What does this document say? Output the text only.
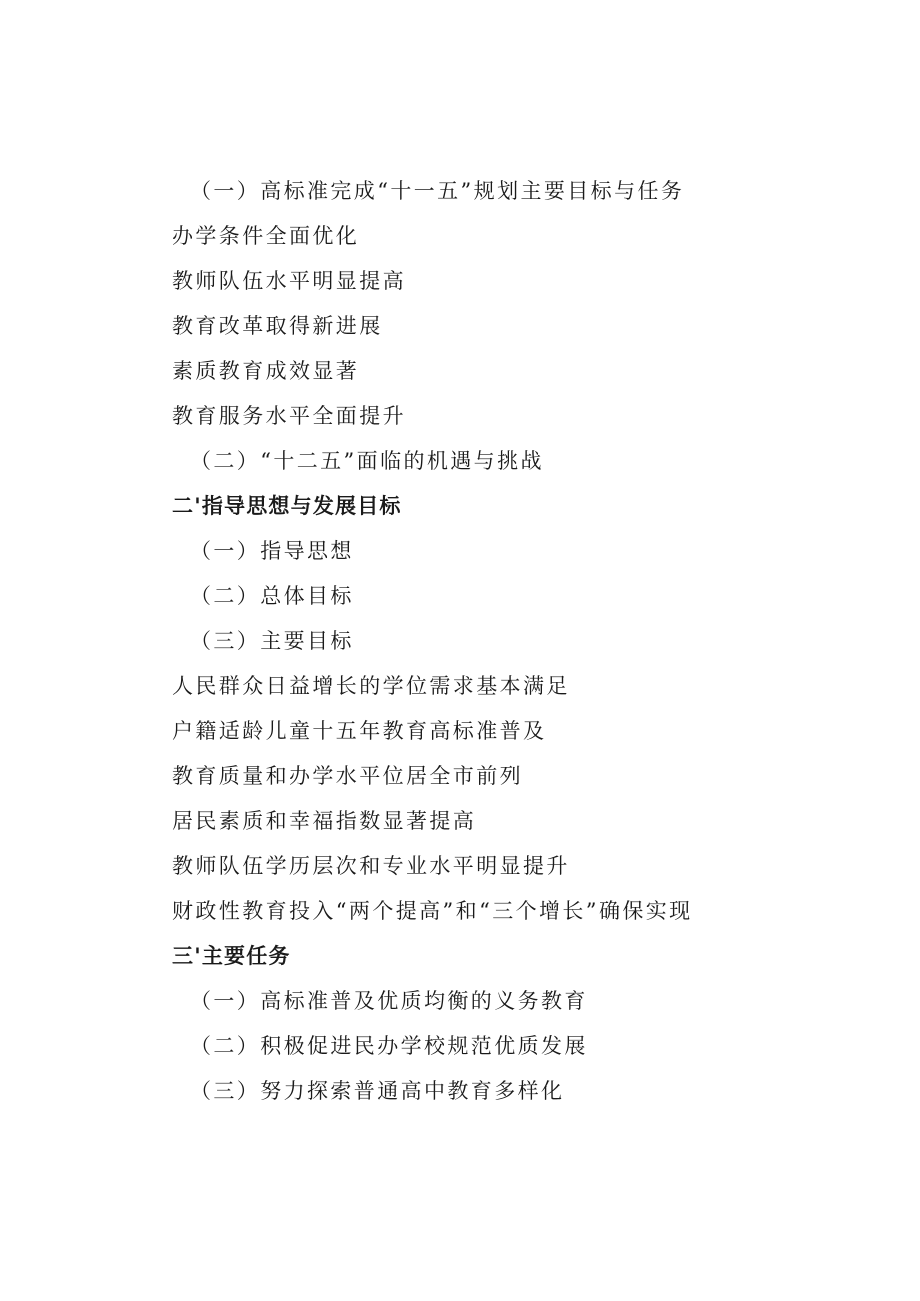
（一）高标准完成“十一五”规划主要目标与任务
办学条件全面优化
教师队伍水平明显提高
教育改革取得新进展
素质教育成效显著
教育服务水平全面提升
（二）“十二五”面临的机遇与挑战
二'指导思想与发展目标
（一）指导思想
（二）总体目标
（三）主要目标
人民群众日益增长的学位需求基本满足
户籍适龄儿童十五年教育高标准普及
教育质量和办学水平位居全市前列
居民素质和幸福指数显著提高
教师队伍学历层次和专业水平明显提升
财政性教育投入“两个提高”和“三个增长”确保实现
三'主要任务
（一）高标准普及优质均衡的义务教育
（二）积极促进民办学校规范优质发展
（三）努力探索普通高中教育多样化
